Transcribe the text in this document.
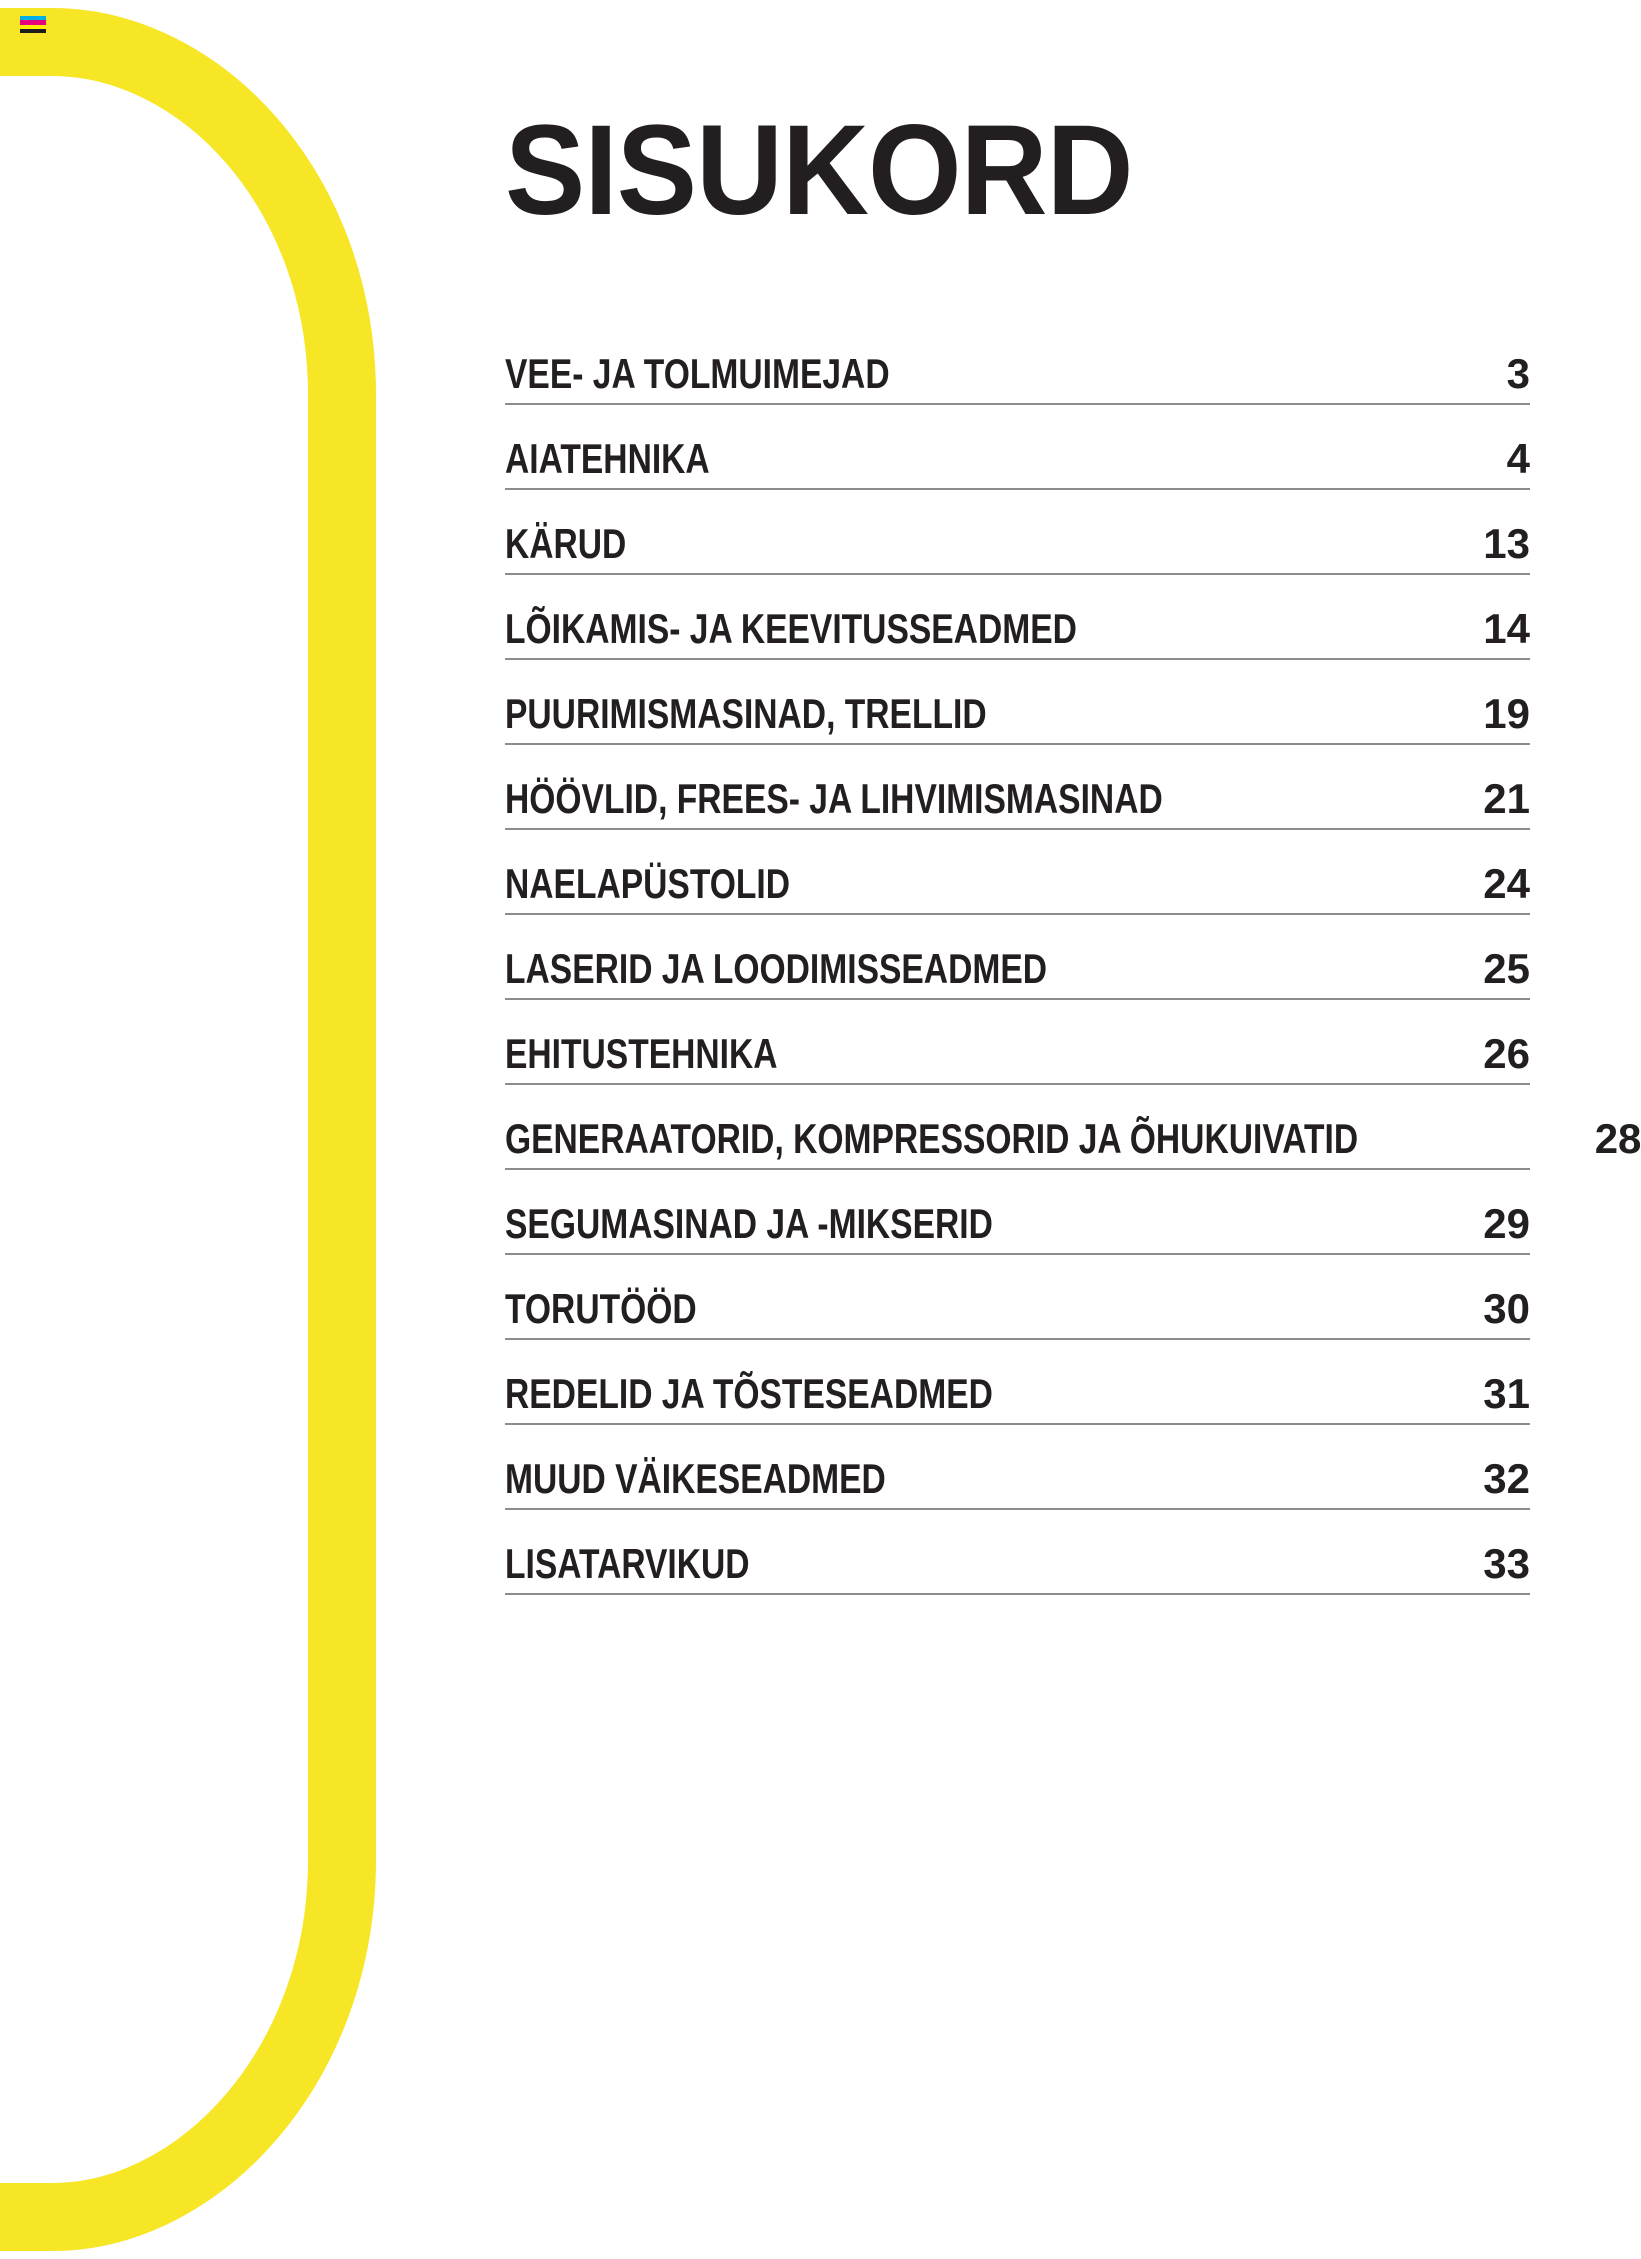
SISUKORD
VEE- JA TOLMUIMEJAD	3
AIATEHNIKA	4
KÄRUD	13
LÕIKAMIS- JA KEEVITUSSEADMED	14
PUURIMISMASINAD, TRELLID	19
HÖÖVLID, FREES- JA LIHVIMISMASINAD	21
NAELAPÜSTOLID	24
LASERID JA LOODIMISSEADMED	25
EHITUSTEHNIKA	26
GENERAATORID, KOMPRESSORID JA ÕHUKUIVATID	28
SEGUMASINAD JA -MIKSERID	29
TORUTÖÖD	30
REDELID JA TÕSTESEADMED	31
MUUD VÄIKESEADMED	32
LISATARVIKUD	33
